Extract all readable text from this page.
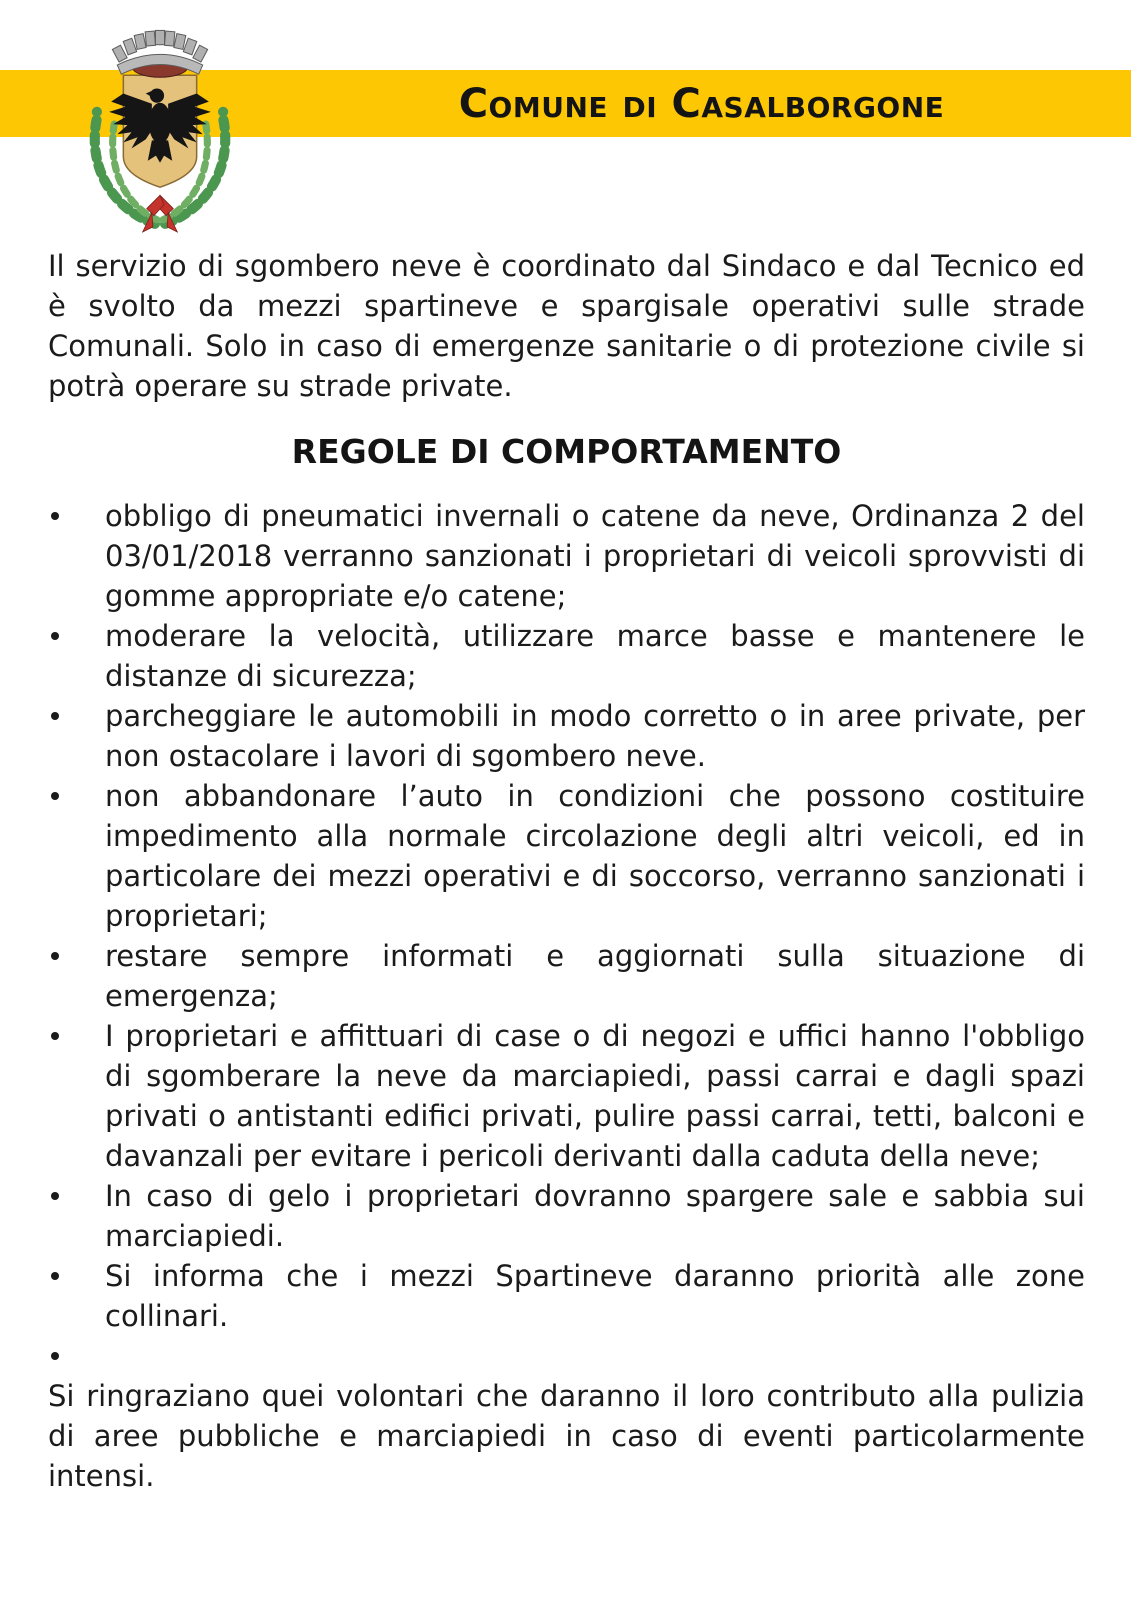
Comune di Casalborgone

Il servizio di sgombero neve è coordinato dal Sindaco e dal Tecnico ed è svolto da mezzi spartineve e spargisale operativi sulle strade Comunali. Solo in caso di emergenze sanitarie o di protezione civile si potrà operare su strade private.

REGOLE DI COMPORTAMENTO
obbligo di pneumatici invernali o catene da neve, Ordinanza 2 del 03/01/2018 verranno sanzionati i proprietari di veicoli sprovvisti di gomme appropriate e/o catene;
moderare la velocità, utilizzare marce basse e mantenere le distanze di sicurezza;
parcheggiare le automobili in modo corretto o in aree private, per non ostacolare i lavori di sgombero neve.
non abbandonare l’auto in condizioni che possono costituire impedimento alla normale circolazione degli altri veicoli, ed in particolare dei mezzi operativi e di soccorso, verranno sanzionati i proprietari;
restare sempre informati e aggiornati sulla situazione di emergenza;
I proprietari e affittuari di case o di negozi e uffici hanno l'obbligo di sgomberare la neve da marciapiedi, passi carrai e dagli spazi privati o antistanti edifici privati, pulire passi carrai, tetti, balconi e davanzali per evitare i pericoli derivanti dalla caduta della neve;
In caso di gelo i proprietari dovranno spargere sale e sabbia sui marciapiedi.
Si informa che i mezzi Spartineve daranno priorità alle zone collinari.

Si ringraziano quei volontari che daranno il loro contributo alla pulizia di aree pubbliche e marciapiedi in caso di eventi particolarmente intensi.
